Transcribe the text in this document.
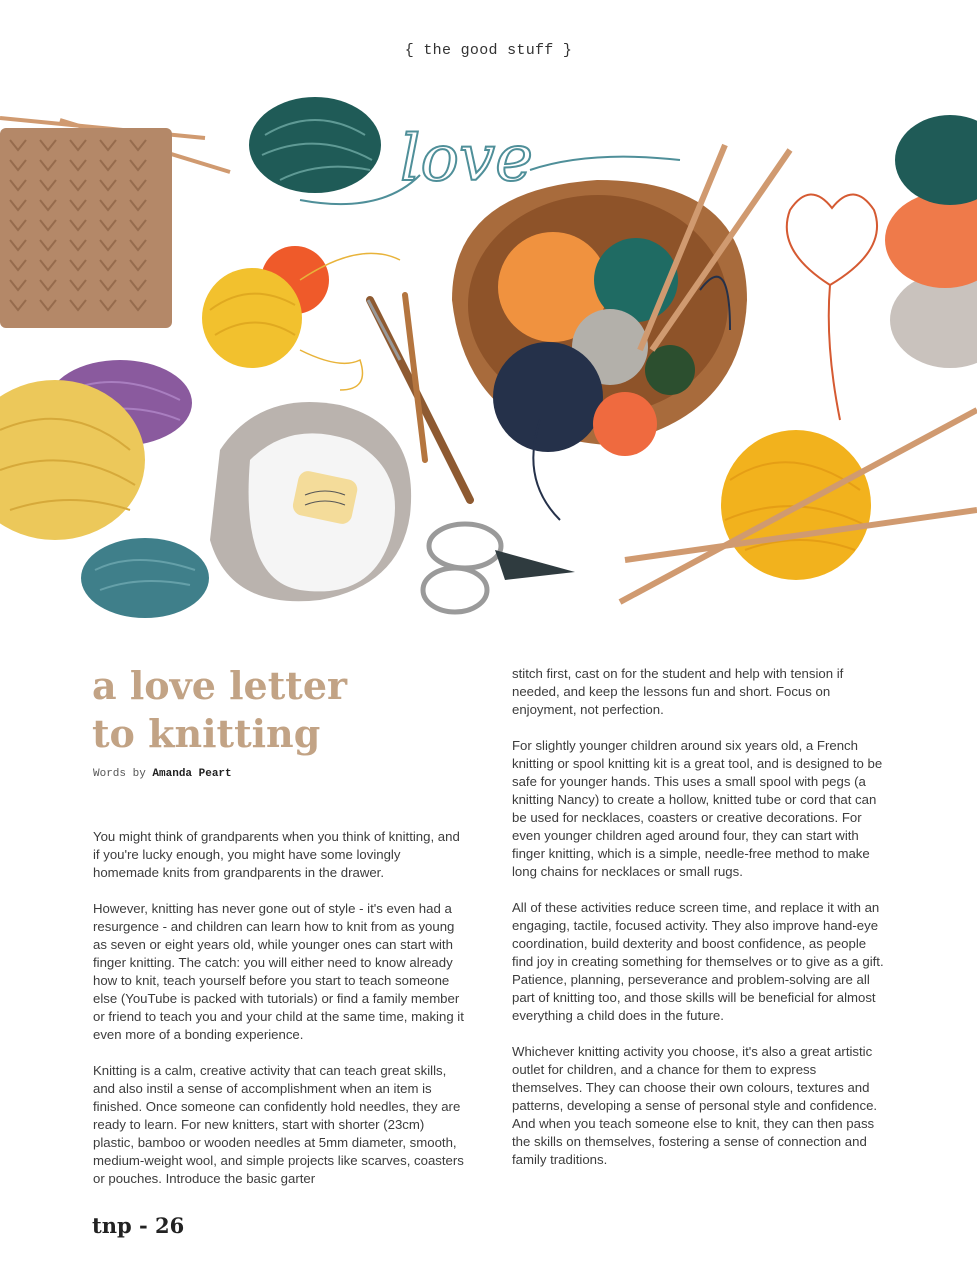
{ the good stuff }
love
a love letter
to knitting
Words by Amanda Peart

You might think of grandparents when you think of knitting, and if you're lucky enough, you might have some lovingly homemade knits from grandparents in the drawer.

However, knitting has never gone out of style - it's even had a resurgence - and children can learn how to knit from as young as seven or eight years old, while younger ones can start with finger knitting. The catch: you will either need to know already how to knit, teach yourself before you start to teach someone else (YouTube is packed with tutorials) or find a family member or friend to teach you and your child at the same time, making it even more of a bonding experience.

Knitting is a calm, creative activity that can teach great skills, and also instil a sense of accomplishment when an item is finished. Once someone can confidently hold needles, they are ready to learn. For new knitters, start with shorter (23cm) plastic, bamboo or wooden needles at 5mm diameter, smooth, medium-weight wool, and simple projects like scarves, coasters or pouches. Introduce the basic garter

stitch first, cast on for the student and help with tension if needed, and keep the lessons fun and short. Focus on enjoyment, not perfection.

For slightly younger children around six years old, a French knitting or spool knitting kit is a great tool, and is designed to be safe for younger hands. This uses a small spool with pegs (a knitting Nancy) to create a hollow, knitted tube or cord that can be used for necklaces, coasters or creative decorations. For even younger children aged around four, they can start with finger knitting, which is a simple, needle-free method to make long chains for necklaces or small rugs.

All of these activities reduce screen time, and replace it with an engaging, tactile, focused activity. They also improve hand-eye coordination, build dexterity and boost confidence, as people find joy in creating something for themselves or to give as a gift. Patience, planning, perseverance and problem-solving are all part of knitting too, and those skills will be beneficial for almost everything a child does in the future.

Whichever knitting activity you choose, it's also a great artistic outlet for children, and a chance for them to express themselves. They can choose their own colours, textures and patterns, developing a sense of personal style and confidence. And when you teach someone else to knit, they can then pass the skills on themselves, fostering a sense of connection and family traditions.

tnp - 26
